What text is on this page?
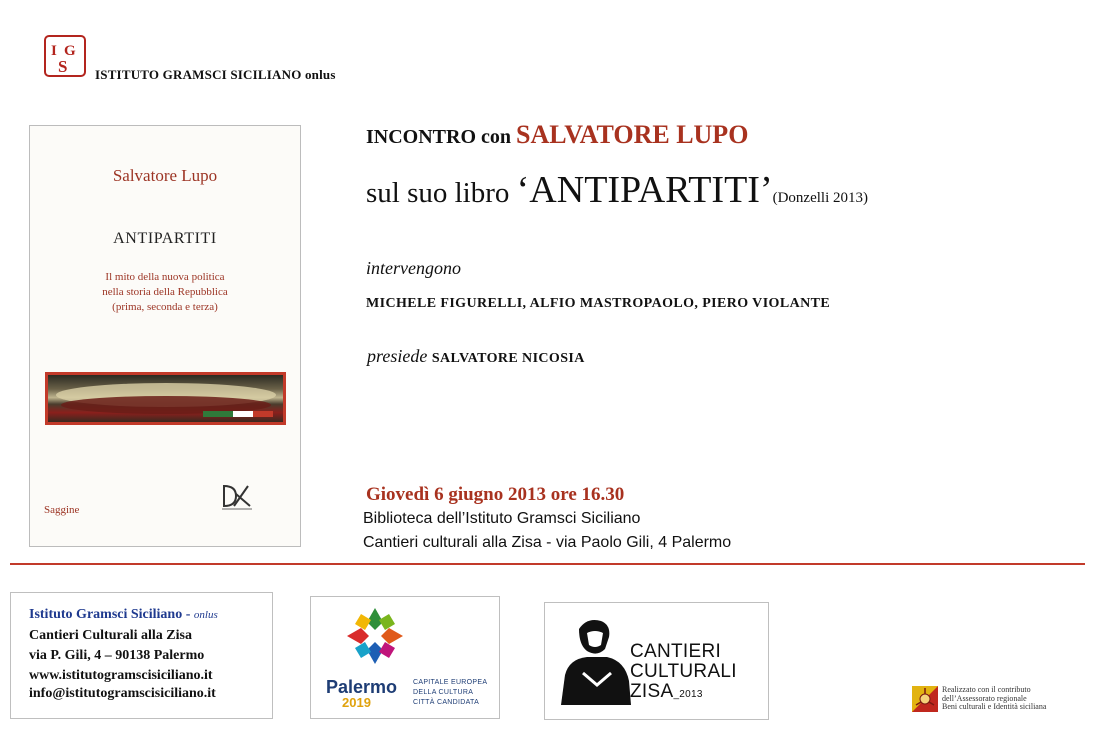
I G
S ISTITUTO GRAMSCI SICILIANO onlus
Salvatore Lupo
ANTIPARTITI
Il mito della nuova politica
nella storia della Repubblica
(prima, seconda e terza)
Saggine
INCONTRO con SALVATORE LUPO
sul suo libro ‘ANTIPARTITI’(Donzelli 2013)
intervengono
MICHELE FIGURELLI, ALFIO MASTROPAOLO, PIERO VIOLANTE
presiede SALVATORE NICOSIA
Giovedì 6 giugno 2013 ore 16.30
Biblioteca dell’Istituto Gramsci Siciliano
Cantieri culturali alla Zisa - via Paolo Gili, 4 Palermo
Istituto Gramsci Siciliano - onlus
Cantieri Culturali alla Zisa
via P. Gili, 4 – 90138 Palermo
www.istitutogramscisiciliano.it
info@istitutogramscisiciliano.it	Palermo
2019
CAPITALE EUROPEA
DELLA CULTURA
CITTÀ CANDIDATA
CANTIERI
CULTURALI
ZISA_2013	Realizzato con il contributo
dell’Assessorato regionale
Beni culturali e Identità siciliana
